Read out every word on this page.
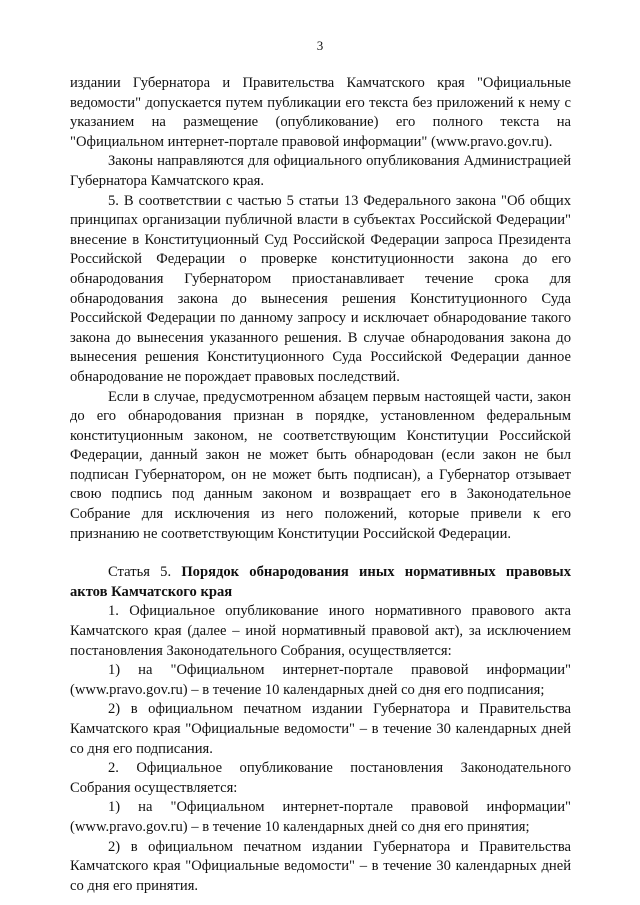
3

издании Губернатора и Правительства Камчатского края "Официальные ведомости" допускается путем публикации его текста без приложений к нему с указанием на размещение (опубликование) его полного текста на "Официальном интернет-портале правовой информации" (www.pravo.gov.ru).

Законы направляются для официального опубликования Администрацией Губернатора Камчатского края.

5. В соответствии с частью 5 статьи 13 Федерального закона "Об общих принципах организации публичной власти в субъектах Российской Федерации" внесение в Конституционный Суд Российской Федерации запроса Президента Российской Федерации о проверке конституционности закона до его обнародования Губернатором приостанавливает течение срока для обнародования закона до вынесения решения Конституционного Суда Российской Федерации по данному запросу и исключает обнародование такого закона до вынесения указанного решения. В случае обнародования закона до вынесения решения Конституционного Суда Российской Федерации данное обнародование не порождает правовых последствий.

Если в случае, предусмотренном абзацем первым настоящей части, закон до его обнародования признан в порядке, установленном федеральным конституционным законом, не соответствующим Конституции Российской Федерации, данный закон не может быть обнародован (если закон не был подписан Губернатором, он не может быть подписан), а Губернатор отзывает свою подпись под данным законом и возвращает его в Законодательное Собрание для исключения из него положений, которые привели к его признанию не соответствующим Конституции Российской Федерации.

Статья 5. Порядок обнародования иных нормативных правовых актов Камчатского края

1. Официальное опубликование иного нормативного правового акта Камчатского края (далее – иной нормативный правовой акт), за исключением постановления Законодательного Собрания, осуществляется:

1) на "Официальном интернет-портале правовой информации" (www.pravo.gov.ru) – в течение 10 календарных дней со дня его подписания;

2) в официальном печатном издании Губернатора и Правительства Камчатского края "Официальные ведомости" – в течение 30 календарных дней со дня его подписания.

2. Официальное опубликование постановления Законодательного Собрания осуществляется:

1) на "Официальном интернет-портале правовой информации" (www.pravo.gov.ru) – в течение 10 календарных дней со дня его принятия;

2) в официальном печатном издании Губернатора и Правительства Камчатского края "Официальные ведомости" – в течение 30 календарных дней со дня его принятия.
